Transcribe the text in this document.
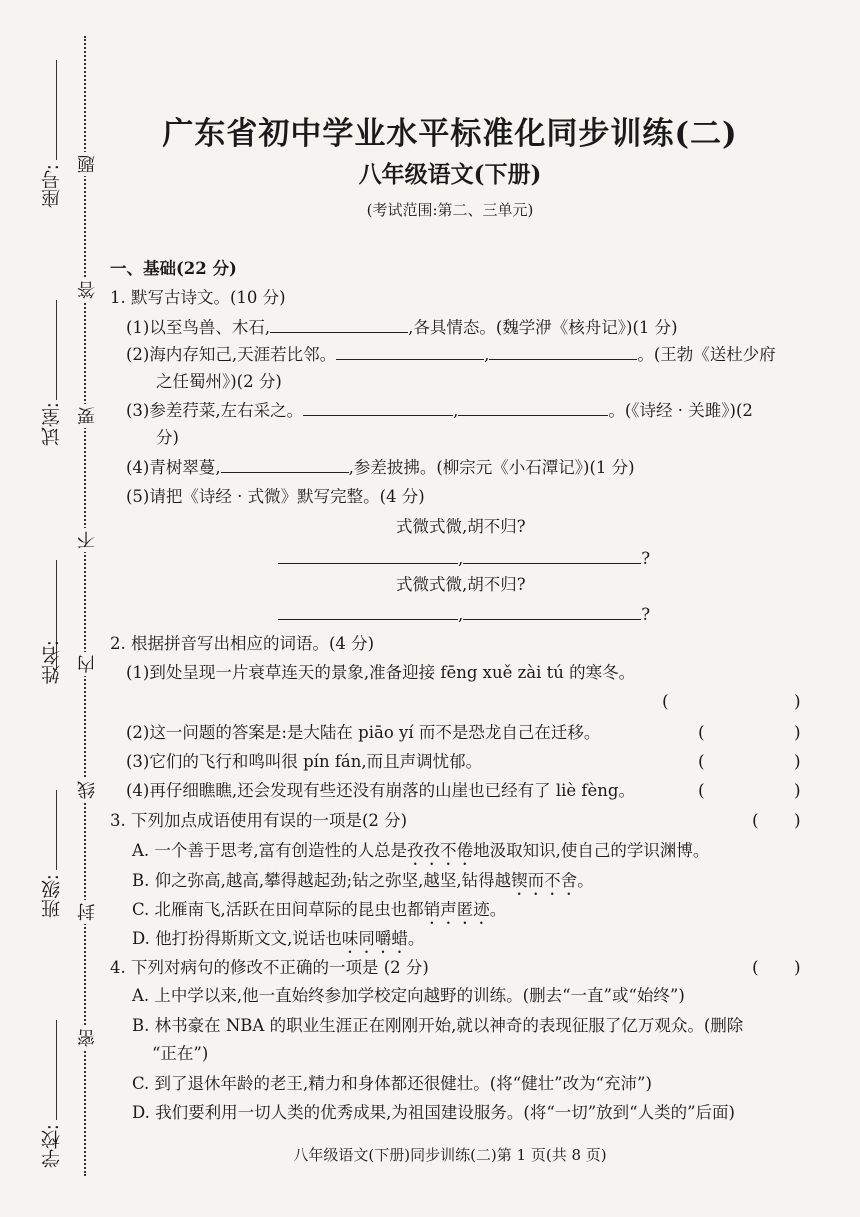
座号:
试室:
姓名:
班级:
学校:
题
答
要
不
内
线
封
密
广东省初中学业水平标准化同步训练(二)
八年级语文(下册)
(考试范围:第二、三单元)
一、基础(22 分)
1. 默写古诗文。(10 分)
(1)以至鸟兽、木石,	,各具情态。(魏学洢《核舟记》)(1 分)
(2)海内存知己,天涯若比邻。	,	。(王勃《送杜少府
之任蜀州》)(2 分)
(3)参差荇菜,左右采之。	,	。(《诗经 · 关雎》)(2
分)
(4)青树翠蔓,	,参差披拂。(柳宗元《小石潭记》)(1 分)
(5)请把《诗经 · 式微》默写完整。(4 分)
式微式微,胡不归?
,	?
式微式微,胡不归?
,	?
2. 根据拼音写出相应的词语。(4 分)
(1)到处呈现一片衰草连天的景象,准备迎接 fēng xuě zài tú 的寒冬。
(	)
(2)这一问题的答案是:是大陆在 piāo yí 而不是恐龙自己在迁移。	(	)
(3)它们的飞行和鸣叫很 pín fán,而且声调忧郁。	(	)
(4)再仔细瞧瞧,还会发现有些还没有崩落的山崖也已经有了 liè fèng。	(	)
3. 下列加点成语使用有误的一项是(2 分)	( )
A. 一个善于思考,富有创造性的人总是孜孜不倦地汲取知识,使自己的学识渊博。
B. 仰之弥高,越高,攀得越起劲;钻之弥坚,越坚,钻得越锲而不舍。
C. 北雁南飞,活跃在田间草际的昆虫也都销声匿迹。
D. 他打扮得斯斯文文,说话也味同嚼蜡。
4. 下列对病句的修改不正确的一项是 (2 分)	( )
A. 上中学以来,他一直始终参加学校定向越野的训练。(删去“一直”或“始终”)
B. 林书豪在 NBA 的职业生涯正在刚刚开始,就以神奇的表现征服了亿万观众。(删除
“正在”)
C. 到了退休年龄的老王,精力和身体都还很健壮。(将“健壮”改为“充沛”)
D. 我们要利用一切人类的优秀成果,为祖国建设服务。(将“一切”放到“人类的”后面)
八年级语文(下册)同步训练(二)第 1 页(共 8 页)
